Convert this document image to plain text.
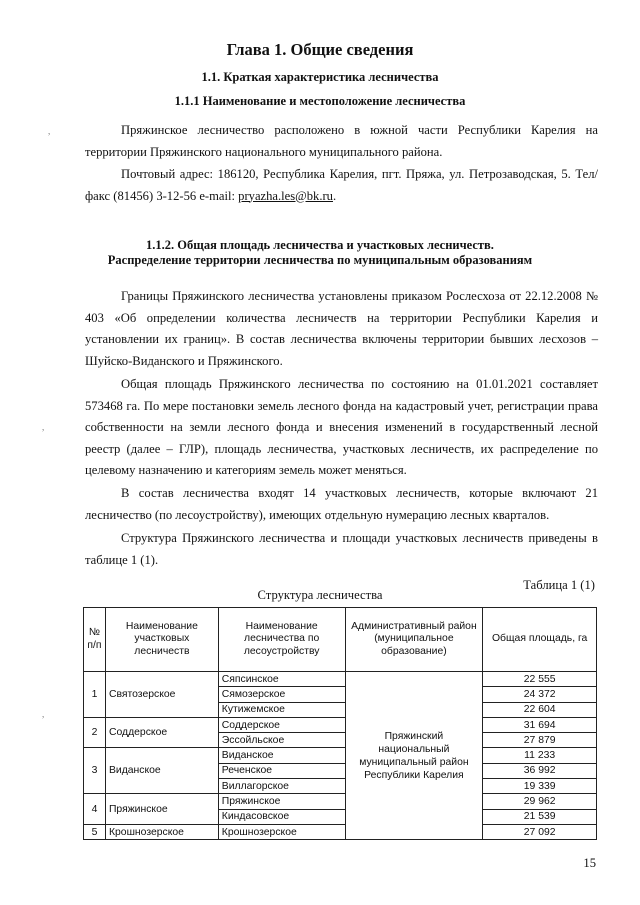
Глава 1. Общие сведения
1.1. Краткая характеристика лесничества
1.1.1 Наименование и местоположение лесничества

Пряжинское лесничество расположено в южной части Республики Карелия на территории Пряжинского национального муниципального района.

Почтовый адрес: 186120, Республика Карелия, пгт. Пряжа, ул. Петрозаводская, 5. Тел/факс (81456) 3-12-56 e-mail: pryazha.les@bk.ru.

1.1.2. Общая площадь лесничества и участковых лесничеств.
Распределение территории лесничества по муниципальным образованиям

Границы Пряжинского лесничества установлены приказом Рослесхоза от 22.12.2008 № 403 «Об определении количества лесничеств на территории Республики Карелия и установлении их границ». В состав лесничества включены территории бывших лесхозов – Шуйско-Виданского и Пряжинского.

Общая площадь Пряжинского лесничества по состоянию на 01.01.2021 составляет 573468 га. По мере постановки земель лесного фонда на кадастровый учет, регистрации права собственности на земли лесного фонда и внесения изменений в государственный лесной реестр (далее – ГЛР), площадь лесничества, участковых лесничеств, их распределение по целевому назначению и категориям земель может меняться.

В состав лесничества входят 14 участковых лесничеств, которые включают 21 лесничество (по лесоустройству), имеющих отдельную нумерацию лесных кварталов.

Структура Пряжинского лесничества и площади участковых лесничеств приведены в таблице 1 (1).

Таблица 1 (1)
Структура лесничества
№ п/п	Наименование участковых лесничеств	Наименование лесничества по лесоустройству	Административный район (муниципальное образование)	Общая площадь, га
1	Святозерское	Сяпсинское	Пряжинский национальный муниципальный район Республики Карелия	22 555
		Сямозерское		24 372
		Кутижемское		22 604
2	Соддерское	Соддерское		31 694
		Эссойльское		27 879
3	Виданское	Виданское		11 233
		Реченское		36 992
		Виллагорское		19 339
4	Пряжинское	Пряжинское		29 962
		Киндасовское		21 539
5	Крошнозерское	Крошнозерское		27 092
15
,
,
,
